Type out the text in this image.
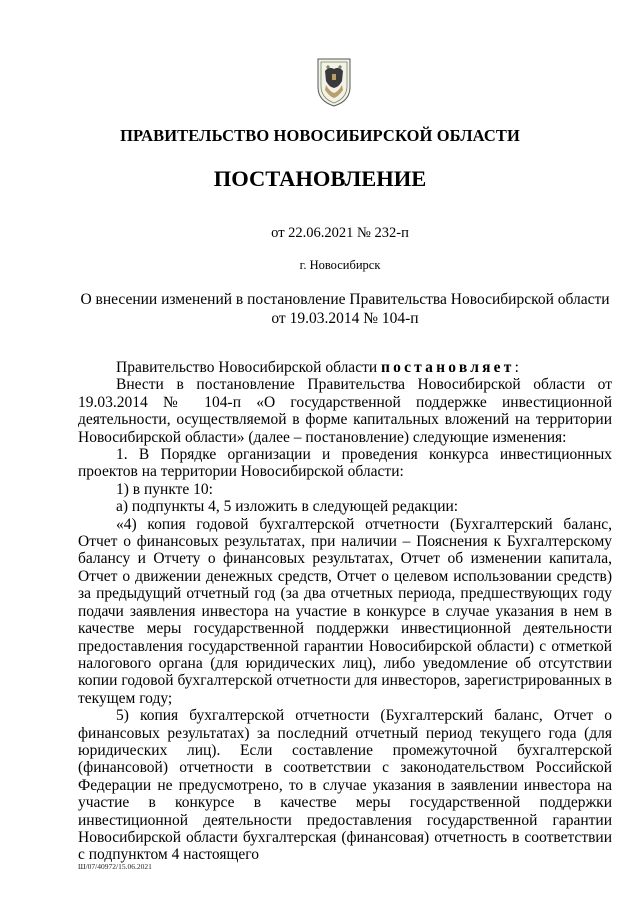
ПРАВИТЕЛЬСТВО НОВОСИБИРСКОЙ ОБЛАСТИ
ПОСТАНОВЛЕНИЕ
от 22.06.2021 № 232-п
г. Новосибирск
О внесении изменений в постановление Правительства Новосибирской области
от 19.03.2014 № 104-п

Правительство Новосибирской области постановляет:

Внести в постановление Правительства Новосибирской области от 19.03.2014 № 104-п «О государственной поддержке инвестиционной деятельности, осуществляемой в форме капитальных вложений на территории Новосибирской области» (далее – постановление) следующие изменения:

1. В Порядке организации и проведения конкурса инвестиционных проектов на территории Новосибирской области:

1) в пункте 10:

а) подпункты 4, 5 изложить в следующей редакции:

«4) копия годовой бухгалтерской отчетности (Бухгалтерский баланс, Отчет о финансовых результатах, при наличии – Пояснения к Бухгалтерскому балансу и Отчету о финансовых результатах, Отчет об изменении капитала, Отчет о движении денежных средств, Отчет о целевом использовании средств) за предыдущий отчетный год (за два отчетных периода, предшествующих году подачи заявления инвестора на участие в конкурсе в случае указания в нем в качестве меры государственной поддержки инвестиционной деятельности предоставления государственной гарантии Новосибирской области) с отметкой налогового органа (для юридических лиц), либо уведомление об отсутствии копии годовой бухгалтерской отчетности для инвесторов, зарегистрированных в текущем году;

5) копия бухгалтерской отчетности (Бухгалтерский баланс, Отчет о финансовых результатах) за последний отчетный период текущего года (для юридических лиц). Если составление промежуточной бухгалтерской (финансовой) отчетности в соответствии с законодательством Российской Федерации не предусмотрено, то в случае указания в заявлении инвестора на участие в конкурсе в качестве меры государственной поддержки инвестиционной деятельности предоставления государственной гарантии Новосибирской области бухгалтерская (финансовая) отчетность в соответствии с подпунктом 4 настоящего

Ш/07/40972/15.06.2021
